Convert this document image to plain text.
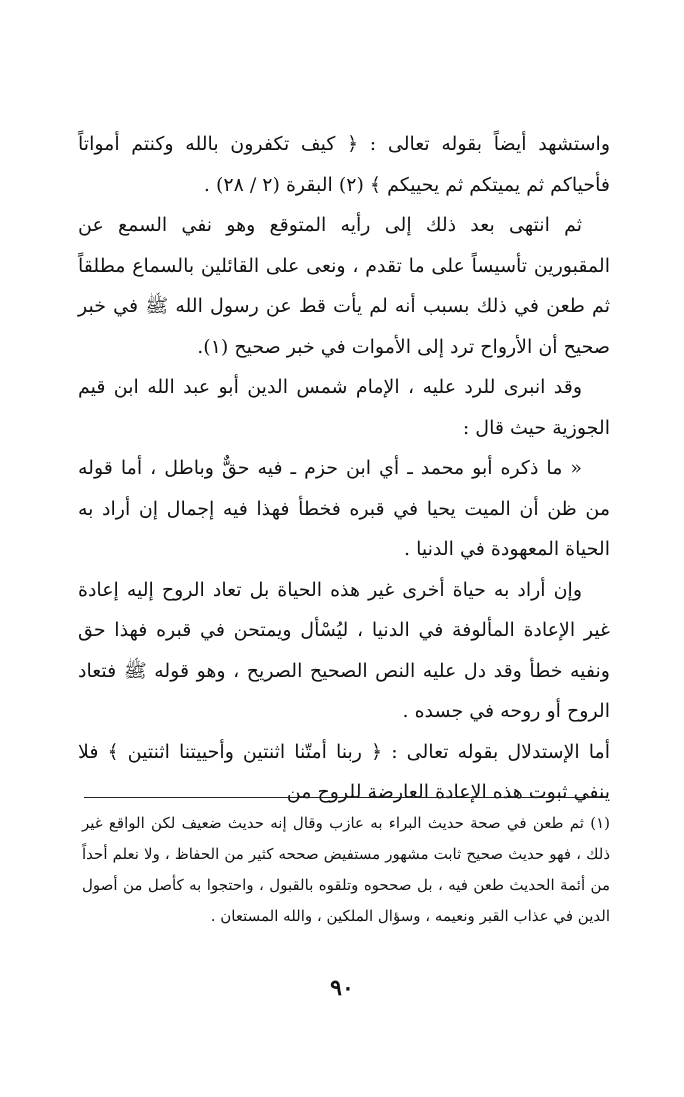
واستشهد أيضاً بقوله تعالى : ﴿ كيف تكفرون بالله وكنتم أمواتاً فأحياكم ثم يميتكم ثم يحييكم ﴾ (٢) البقرة (٢ / ٢٨) .

ثم انتهى بعد ذلك إلى رأيه المتوقع وهو نفي السمع عن المقبورين تأسيساً على ما تقدم ، ونعى على القائلين بالسماع مطلقاً ثم طعن في ذلك بسبب أنه لم يأت قط عن رسول الله ﷺ في خبر صحيح أن الأرواح ترد إلى الأموات في خبر صحيح (١).

وقد انبرى للرد عليه ، الإمام شمس الدين أبو عبد الله ابن قيم الجوزية حيث قال :

« ما ذكره أبو محمد ـ أي ابن حزم ـ فيه حقٌّ وباطل ، أما قوله من ظن أن الميت يحيا في قبره فخطأ فهذا فيه إجمال إن أراد به الحياة المعهودة في الدنيا .

وإن أراد به حياة أخرى غير هذه الحياة بل تعاد الروح إليه إعادة غير الإعادة المألوفة في الدنيا ، ليُسْأل ويمتحن في قبره فهذا حق ونفيه خطأ وقد دل عليه النص الصحيح الصريح ، وهو قوله ﷺ فتعاد الروح أو روحه في جسده .

أما الإستدلال بقوله تعالى : ﴿ ربنا أمتّنا اثنتين وأحييتنا اثنتين ﴾ فلا ينفي ثبوت هذه الإعادة العارضة للروح من

(١) ثم طعن في صحة حديث البراء به عازب وقال إنه حديث ضعيف لكن الواقع غير ذلك ، فهو حديث صحيح ثابت مشهور مستفيض صححه كثير من الحفاظ ، ولا نعلم أحداً من أئمة الحديث طعن فيه ، بل صححوه وتلقوه بالقبول ، واحتجوا به كأصل من أصول الدين في عذاب القبر ونعيمه ، وسؤال الملكين ، والله المستعان .

٩٠
